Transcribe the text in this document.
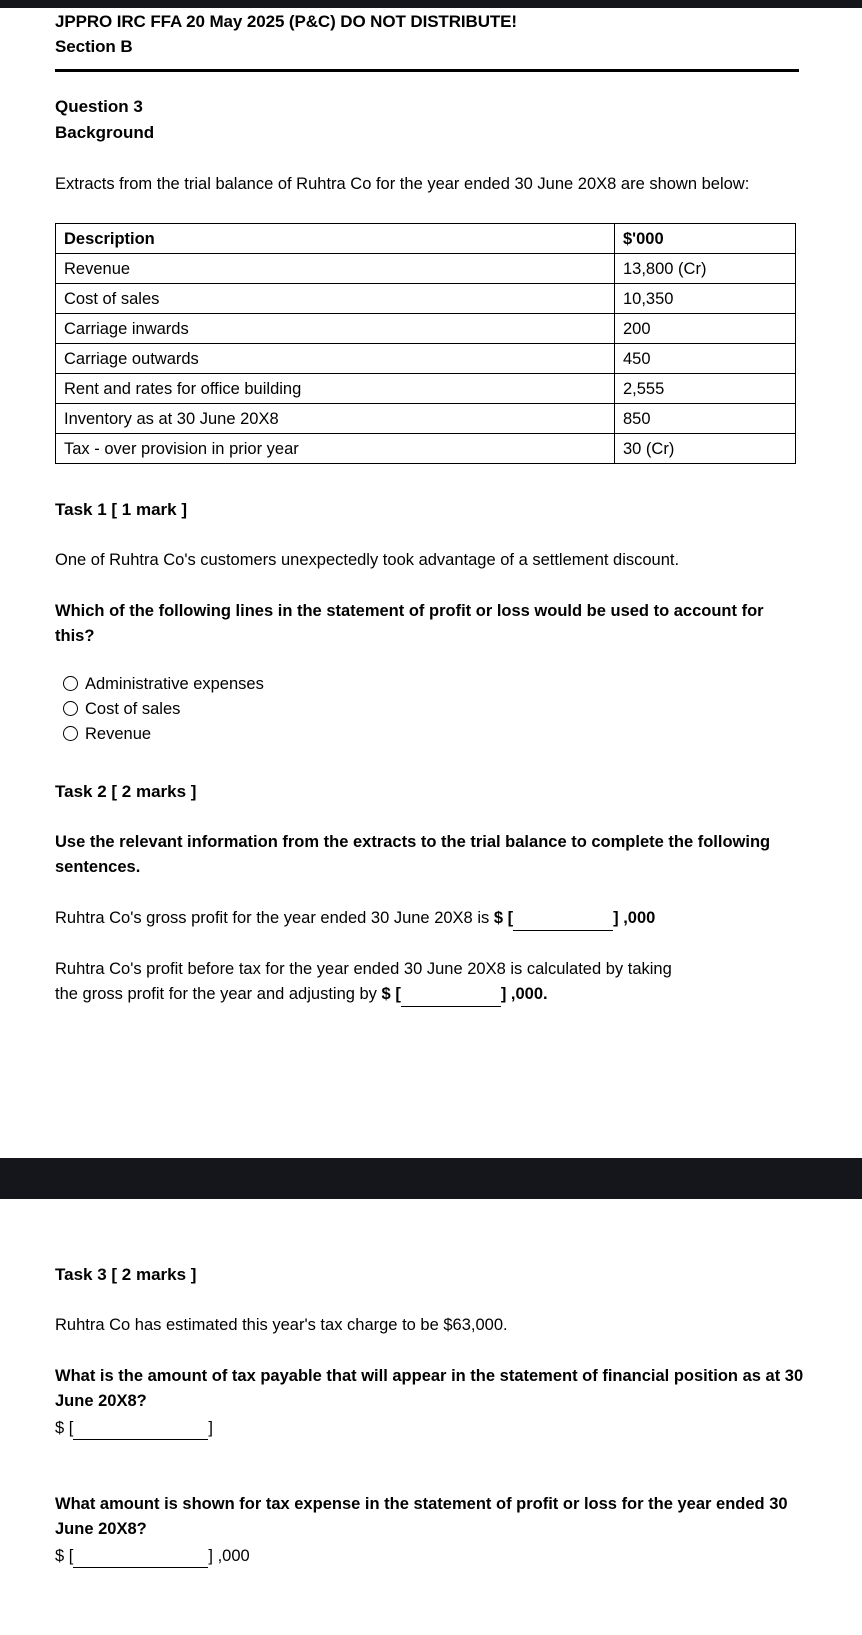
JPPRO IRC FFA 20 May 2025 (P&C) DO NOT DISTRIBUTE!
Section B
Question 3
Background
Extracts from the trial balance of Ruhtra Co for the year ended 30 June 20X8 are shown below:
Description	$'000
Revenue	13,800 (Cr)
Cost of sales	10,350
Carriage inwards	200
Carriage outwards	450
Rent and rates for office building	2,555
Inventory as at 30 June 20X8	850
Tax - over provision in prior year	30 (Cr)
Task 1 [ 1 mark ]
One of Ruhtra Co's customers unexpectedly took advantage of a settlement discount.
Which of the following lines in the statement of profit or loss would be used to account for this?
Administrative expenses
Cost of sales
Revenue
Task 2 [ 2 marks ]
Use the relevant information from the extracts to the trial balance to complete the following sentences.
Ruhtra Co's gross profit for the year ended 30 June 20X8 is $ [	] ,000
Ruhtra Co's profit before tax for the year ended 30 June 20X8 is calculated by taking
the gross profit for the year and adjusting by $ [	] ,000.
Task 3 [ 2 marks ]
Ruhtra Co has estimated this year's tax charge to be $63,000.
What is the amount of tax payable that will appear in the statement of financial position as at 30 June 20X8?
$ [	]
What amount is shown for tax expense in the statement of profit or loss for the year ended 30 June 20X8?
$ [	] ,000
